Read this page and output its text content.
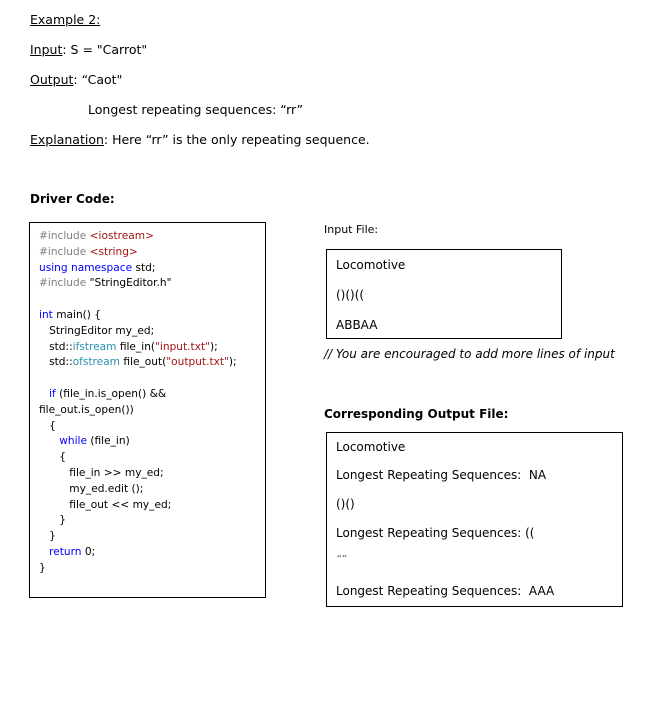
Example 2:
Input: S = "Carrot"
Output: “Caot"
Longest repeating sequences: “rr”
Explanation: Here “rr” is the only repeating sequence.
Driver Code:
#include <iostream>
#include <string>
using namespace std;
#include "StringEditor.h"
int main() {
StringEditor my_ed;
std::ifstream file_in("input.txt");
std::ofstream file_out("output.txt");
if (file_in.is_open() &&
file_out.is_open())
{
while (file_in)
{
file_in >> my_ed;
my_ed.edit ();
file_out << my_ed;
}
}
return 0;
}
Input File:
Locomotive
()()((
ABBAA
// You are encouraged to add more lines of input
Corresponding Output File:
Locomotive
Longest Repeating Sequences:  NA
()()
Longest Repeating Sequences: ((
“”
Longest Repeating Sequences:  AAA
